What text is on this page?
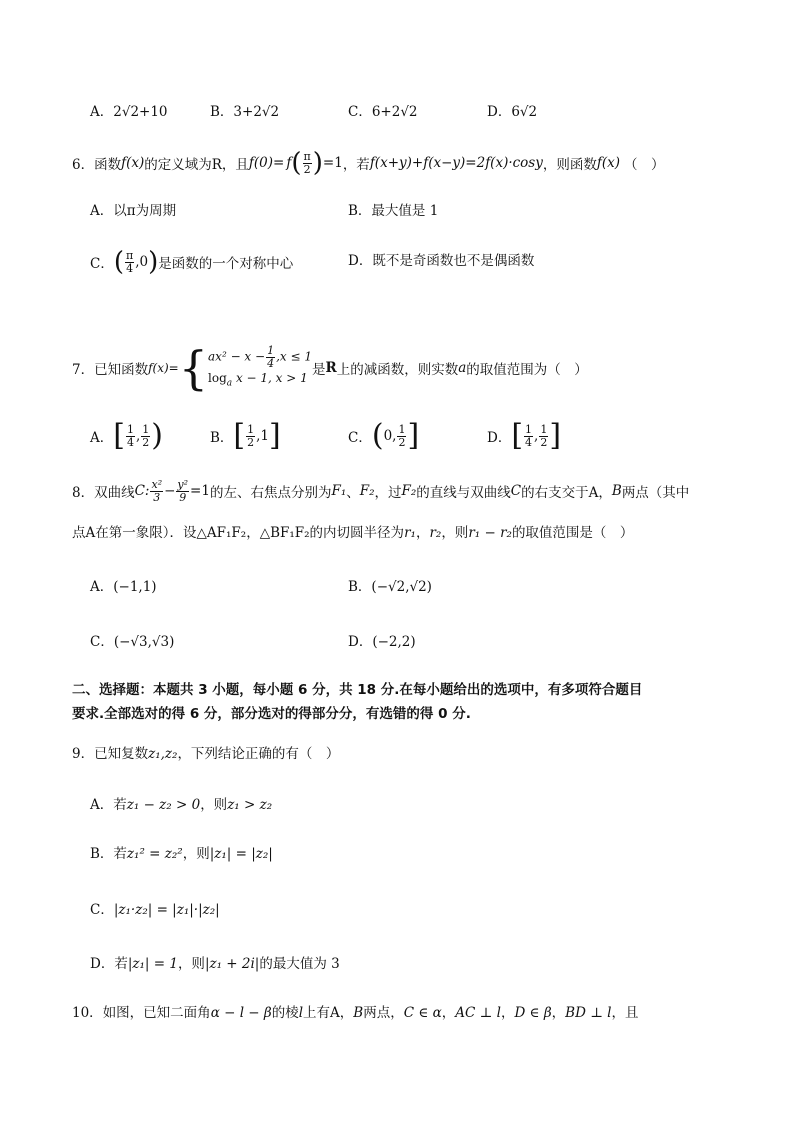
A．2√2+10	B．3+2√2	C．6+2√2	D．6√2
6． 函数 f(x) 的定义域为R，且 f(0)= f ( $\frac{\pi}{2}$ ) =1 ，若 f(x+y)+f(x−y)=2f(x)·cosy ，则函数 f(x) （　）
A．以π为周期	B．最大值是 1
C． ( $\frac{\pi}{4} ,0$ ) 是函数的一个对称中心	D．既不是奇函数也不是偶函数
7． 已知函数 f(x)= { $ax^2 - x - \frac{1}{4} ,x \le 1$
$\log_a x - 1$, x > 1
是 R 上的减函数，则实数 a 的取值范围为（　）
A． [ $\frac{1}{4}$ , $\frac{1}{2}$ )	B． [ $\frac{1}{2} ,1$ ]	C． ( 0, $\frac{1}{2}$ ]	D． [ $\frac{1}{4}$ , $\frac{1}{2}$ ]
8． 双曲线 C: $\frac{\text{x²}}{3} - \frac{\text{y²}}{9} =1$ 的左、右焦点分别为 F₁ 、 F₂ ，过 F₂ 的直线与双曲线 C 的右支交于A， B 两点（其中
点A在第一象限）．设△AF₁F₂，△BF₁F₂的内切圆半径为r₁，r₂，则r₁ − r₂的取值范围是（　）
A．(−1,1)	B．(−√2,√2)
C．(−√3,√3)	D．(−2,2)
二、选择题：本题共 3 小题，每小题 6 分，共 18 分.在每小题给出的选项中，有多项符合题目
要求.全部选对的得 6 分，部分选对的得部分分，有选错的得 0 分.
9．已知复数z₁,z₂，下列结论正确的有（　）
A．若z₁ − z₂ > 0，则z₁ > z₂
B．若z₁² = z₂²，则|z₁| = |z₂|
C．|z₁·z₂| = |z₁|·|z₂|
D．若|z₁| = 1，则|z₁ + 2i|的最大值为 3
10．如图，已知二面角α − l − β的棱l上有A，B两点，C ∈ α，AC ⊥ l，D ∈ β，BD ⊥ l，且
